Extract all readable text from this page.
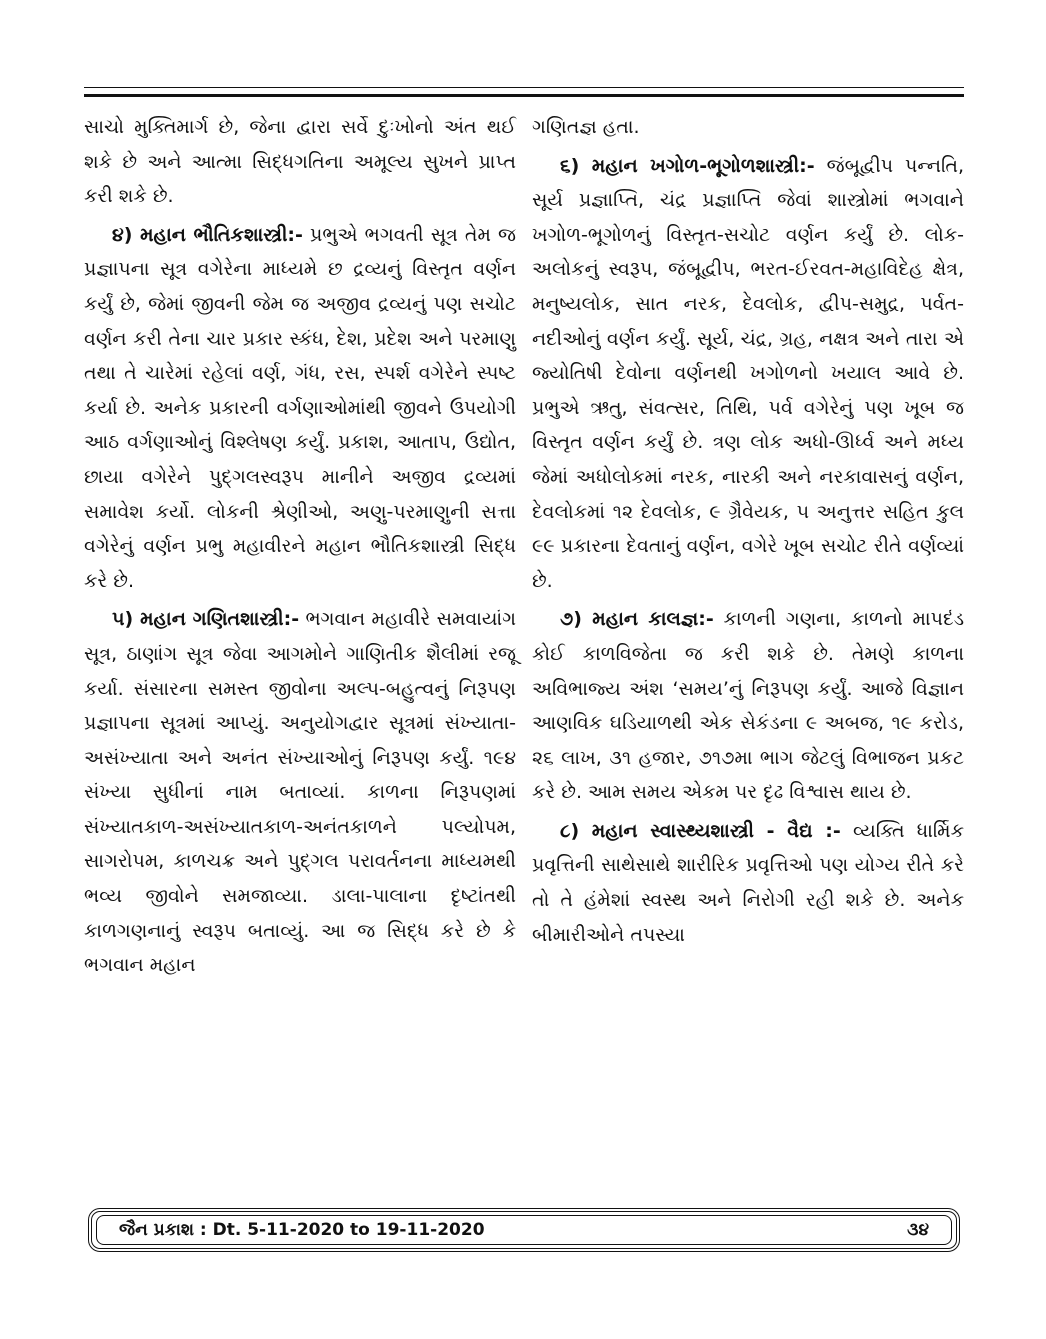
સાચો મુક્તિમાર્ગ છે, જેના દ્વારા સર્વે દુઃખોનો અંત થઈ શકે છે અને આત્મા સિદ્ધગતિના અમૂલ્ય સુખને પ્રાપ્ત કરી શકે છે.

૪) મહાન ભૌતિકશાસ્ત્રી:- પ્રભુએ ભગવતી સૂત્ર તેમ જ પ્રજ્ઞાપના સૂત્ર વગેરેના માધ્યમે છ દ્રવ્યનું વિસ્તૃત વર્ણન કર્યું છે, જેમાં જીવની જેમ જ અજીવ દ્રવ્યનું પણ સચોટ વર્ણન કરી તેના ચાર પ્રકાર સ્કંધ, દેશ, પ્રદેશ અને પરમાણુ તથા તે ચારેમાં રહેલાં વર્ણ, ગંધ, રસ, સ્પર્શ વગેરેને સ્પષ્ટ કર્યા છે. અનેક પ્રકારની વર્ગણાઓમાંથી જીવને ઉપયોગી આઠ વર્ગણાઓનું વિશ્લેષણ કર્યું. પ્રકાશ, આતાપ, ઉદ્યોત, છાયા વગેરેને પુદ્‌ગલસ્વરૂપ માનીને અજીવ દ્રવ્યમાં સમાવેશ કર્યો. લોકની શ્રેણીઓ, અણુ-પરમાણુની સત્તા વગેરેનું વર્ણન પ્રભુ મહાવીરને મહાન ભૌતિકશાસ્ત્રી સિદ્ધ કરે છે.

૫) મહાન ગણિતશાસ્ત્રી:- ભગવાન મહાવીરે સમવાયાંગ સૂત્ર, ઠાણાંગ સૂત્ર જેવા આગમોને ગાણિતીક શૈલીમાં રજૂ કર્યા. સંસારના સમસ્ત જીવોના અલ્પ-બહુત્વનું નિરૂપણ પ્રજ્ઞાપના સૂત્રમાં આપ્યું. અનુયોગદ્વાર સૂત્રમાં સંખ્યાતા-અસંખ્યાતા અને અનંત સંખ્યાઓનું નિરૂપણ કર્યું. ૧૯૪ સંખ્યા સુધીનાં નામ બતાવ્યાં. કાળના નિરૂપણમાં સંખ્યાતકાળ-અસંખ્યાતકાળ-અનંતકાળને પલ્યોપમ, સાગરોપમ, કાળચક્ર અને પુદ્‌ગલ પરાવર્તનના માધ્યમથી ભવ્ય જીવોને સમજાવ્યા. ડાલા-પાલાના દૃષ્ટાંતથી કાળગણનાનું સ્વરૂપ બતાવ્યું. આ જ સિદ્ધ કરે છે કે ભગવાન મહાન

ગણિતજ્ઞ હતા.

૬) મહાન ખગોળ-ભૂગોળશાસ્ત્રી:- જંબૂદ્વીપ પન્નતિ, સૂર્ય પ્રજ્ઞાપ્તિ, ચંદ્ર પ્રજ્ઞાપ્તિ જેવાં શાસ્ત્રોમાં ભગવાને ખગોળ-ભૂગોળનું વિસ્તૃત-સચોટ વર્ણન કર્યું છે. લોક-અલોકનું સ્વરૂપ, જંબૂદ્વીપ, ભરત-ઈરવત-મહાવિદેહ ક્ષેત્ર, મનુષ્યલોક, સાત નરક, દેવલોક, દ્વીપ-સમુદ્ર, પર્વત-નદીઓનું વર્ણન કર્યું. સૂર્ય, ચંદ્ર, ગ્રહ, નક્ષત્ર અને તારા એ જ્યોતિષી દેવોના વર્ણનથી ખગોળનો ખયાલ આવે છે. પ્રભુએ ઋતુ, સંવત્સર, તિથિ, પર્વ વગેરેનું પણ ખૂબ જ વિસ્તૃત વર્ણન કર્યું છે. ત્રણ લોક અધો-ઊર્ધ્વ અને મધ્ય જેમાં અધોલોકમાં નરક, નારકી અને નરકાવાસનું વર્ણન, દેવલોકમાં ૧૨ દેવલોક, ૯ ગ્રૈવેયક, ૫ અનુત્તર સહિત કુલ ૯૯ પ્રકારના દેવતાનું વર્ણન, વગેરે ખૂબ સચોટ રીતે વર્ણવ્યાં છે.

૭) મહાન કાલજ્ઞ:- કાળની ગણના, કાળનો માપદંડ કોઈ કાળવિજેતા જ કરી શકે છે. તેમણે કાળના અવિભાજ્ય અંશ ‘સમય’નું નિરૂપણ કર્યું. આજે વિજ્ઞાન આણવિક ઘડિયાળથી એક સેકંડના ૯ અબજ, ૧૯ કરોડ, ૨૬ લાખ, ૩૧ હજાર, ૭૧૭મા ભાગ જેટલું વિભાજન પ્રકટ કરે છે. આમ સમય એકમ પર દૃઢ વિશ્વાસ થાય છે.

૮) મહાન સ્વાસ્થ્યશાસ્ત્રી - વૈદ્ય :- વ્યક્તિ ધાર્મિક પ્રવૃત્તિની સાથેસાથે શારીરિક પ્રવૃત્તિઓ પણ યોગ્ય રીતે કરે તો તે હંમેશાં સ્વસ્થ અને નિરોગી રહી શકે છે. અનેક બીમારીઓને તપસ્યા

જૈન પ્રકાશ : Dt. 5-11-2020 to 19-11-2020	૩૪
